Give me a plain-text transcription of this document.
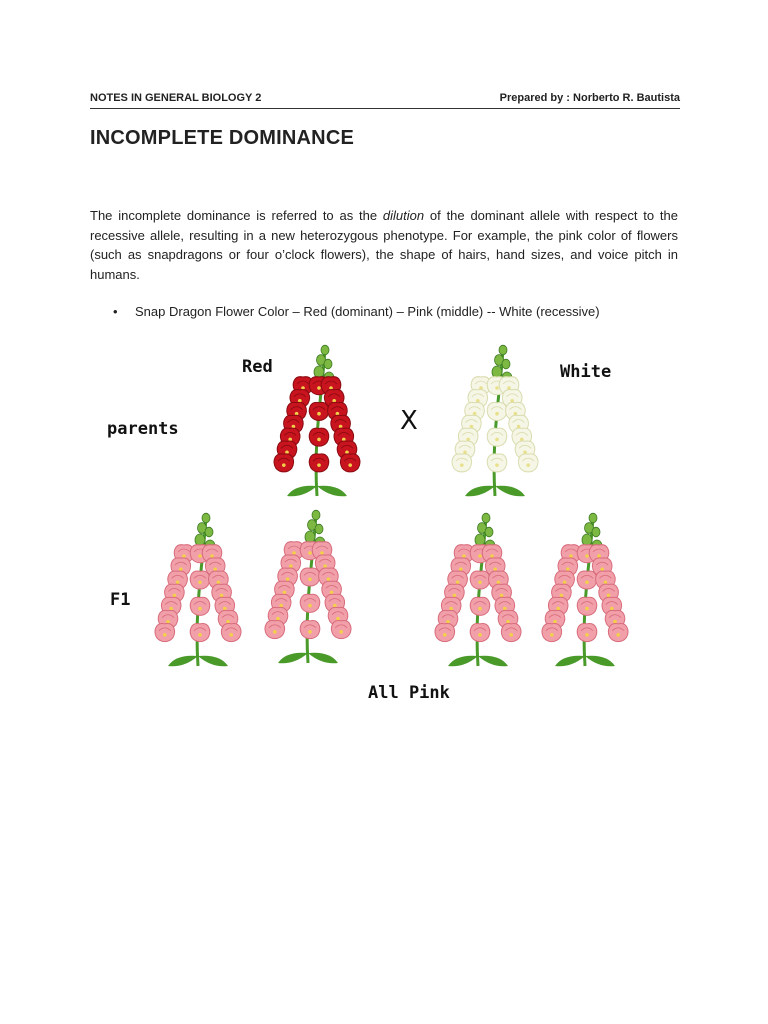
NOTES IN GENERAL BIOLOGY 2	Prepared by : Norberto R. Bautista
INCOMPLETE DOMINANCE

The incomplete dominance is referred to as the dilution of the dominant allele with respect to the recessive allele, resulting in a new heterozygous phenotype. For example, the pink color of flowers (such as snapdragons or four o’clock flowers), the shape of hairs, hand sizes, and voice pitch in humans.

• Snap Dragon Flower Color – Red (dominant) – Pink (middle) -- White (recessive)
Red	White
parents	X
F1
All Pink
